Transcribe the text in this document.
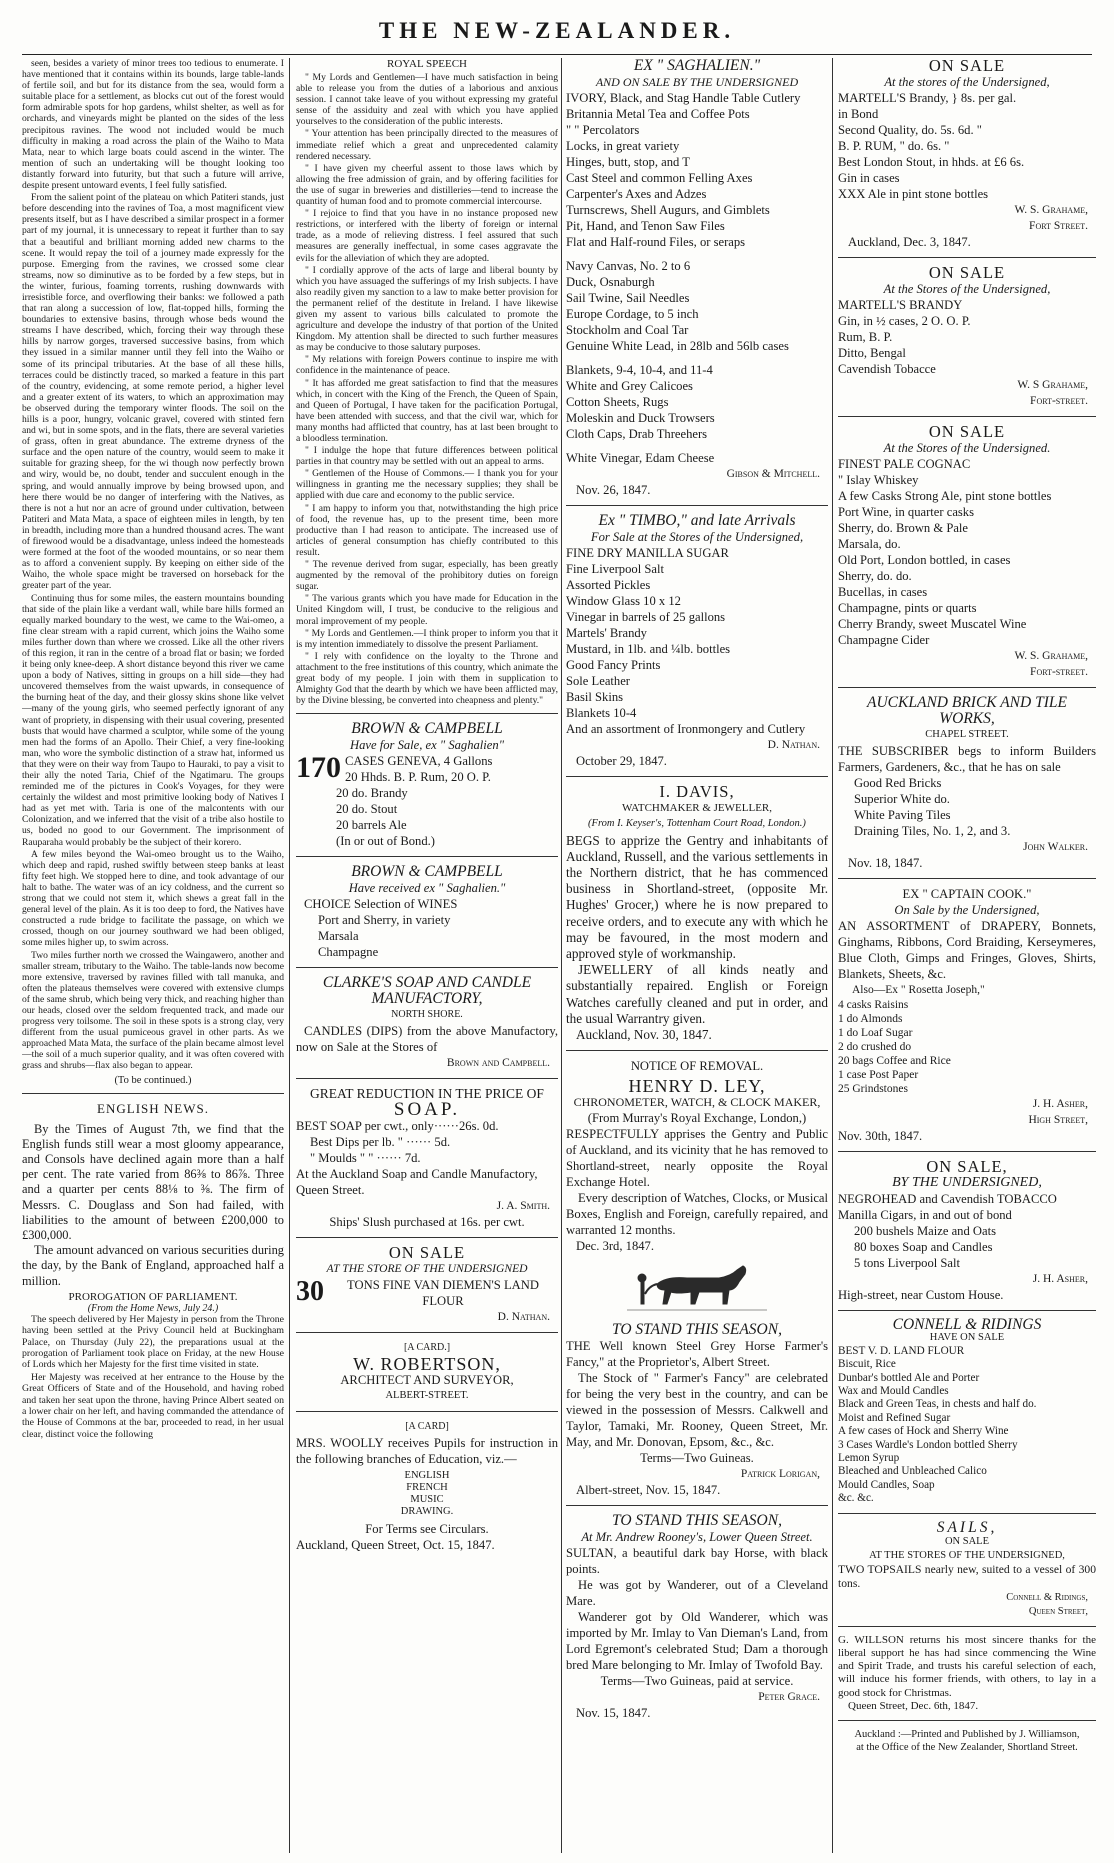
THE NEW-ZEALANDER.

seen, besides a variety of minor trees too tedious to enumerate. I have mentioned that it contains within its bounds, large table-lands of fertile soil, and but for its distance from the sea, would form a suitable place for a settlement, as blocks cut out of the forest would form admirable spots for hop gardens, whilst shelter, as well as for orchards, and vineyards might be planted on the sides of the less precipitous ravines. The wood not included would be much difficulty in making a road across the plain of the Waiho to Mata Mata, near to which large boats could ascend in the winter. The mention of such an undertaking will be thought looking too distantly forward into futurity, but that such a future will arrive, despite present untoward events, I feel fully satisfied.

From the salient point of the plateau on which Patiteri stands, just before descending into the ravines of Toa, a most magnificent view presents itself, but as I have described a similar prospect in a former part of my journal, it is unnecessary to repeat it further than to say that a beautiful and brilliant morning added new charms to the scene. It would repay the toil of a journey made expressly for the purpose. Emerging from the ravines, we crossed some clear streams, now so diminutive as to be forded by a few steps, but in the winter, furious, foaming torrents, rushing downwards with irresistible force, and overflowing their banks: we followed a path that ran along a succession of low, flat-topped hills, forming the boundaries to extensive basins, through whose beds wound the streams I have described, which, forcing their way through these hills by narrow gorges, traversed successive basins, from which they issued in a similar manner until they fell into the Waiho or some of its principal tributaries. At the base of all these hills, terraces could be distinctly traced, so marked a feature in this part of the country, evidencing, at some remote period, a higher level and a greater extent of its waters, to which an approximation may be observed during the temporary winter floods. The soil on the hills is a poor, hungry, volcanic gravel, covered with stinted fern and wi, but in some spots, and in the flats, there are several varieties of grass, often in great abundance. The extreme dryness of the surface and the open nature of the country, would seem to make it suitable for grazing sheep, for the wi though now perfectly brown and wiry, would be, no doubt, tender and succulent enough in the spring, and would annually improve by being browsed upon, and here there would be no danger of interfering with the Natives, as there is not a hut nor an acre of ground under cultivation, between Patiteri and Mata Mata, a space of eighteen miles in length, by ten in breadth, including more than a hundred thousand acres. The want of firewood would be a disadvantage, unless indeed the homesteads were formed at the foot of the wooded mountains, or so near them as to afford a convenient supply. By keeping on either side of the Waiho, the whole space might be traversed on horseback for the greater part of the year.

Continuing thus for some miles, the eastern mountains bounding that side of the plain like a verdant wall, while bare hills formed an equally marked boundary to the west, we came to the Wai-omeo, a fine clear stream with a rapid current, which joins the Waiho some miles further down than where we crossed. Like all the other rivers of this region, it ran in the centre of a broad flat or basin; we forded it being only knee-deep. A short distance beyond this river we came upon a body of Natives, sitting in groups on a hill side—they had uncovered themselves from the waist upwards, in consequence of the burning heat of the day, and their glossy skins shone like velvet—many of the young girls, who seemed perfectly ignorant of any want of propriety, in dispensing with their usual covering, presented busts that would have charmed a sculptor, while some of the young men had the forms of an Apollo. Their Chief, a very fine-looking man, who wore the symbolic distinction of a straw hat, informed us that they were on their way from Taupo to Hauraki, to pay a visit to their ally the noted Taria, Chief of the Ngatimaru. The groups reminded me of the pictures in Cook's Voyages, for they were certainly the wildest and most primitive looking body of Natives I had as yet met with. Taria is one of the malcontents with our Colonization, and we inferred that the visit of a tribe also hostile to us, boded no good to our Government. The imprisonment of Rauparaha would probably be the subject of their korero.

A few miles beyond the Wai-omeo brought us to the Waiho, which deep and rapid, rushed swiftly between steep banks at least fifty feet high. We stopped here to dine, and took advantage of our halt to bathe. The water was of an icy coldness, and the current so strong that we could not stem it, which shews a great fall in the general level of the plain. As it is too deep to ford, the Natives have constructed a rude bridge to facilitate the passage, on which we crossed, though on our journey southward we had been obliged, some miles higher up, to swim across.

Two miles further north we crossed the Waingawero, another and smaller stream, tributary to the Waiho. The table-lands now become more extensive, traversed by ravines filled with tall manuka, and often the plateaus themselves were covered with extensive clumps of the same shrub, which being very thick, and reaching higher than our heads, closed over the seldom frequented track, and made our progress very toilsome. The soil in these spots is a strong clay, very different from the usual pumiceous gravel in other parts. As we approached Mata Mata, the surface of the plain became almost level—the soil of a much superior quality, and it was often covered with grass and shrubs—flax also began to appear.

(To be continued.)
ENGLISH NEWS.

By the Times of August 7th, we find that the English funds still wear a most gloomy appearance, and Consols have declined again more than a half per cent. The rate varied from 86⅜ to 86⅞. Three and a quarter per cents 88⅛ to ⅜. The firm of Messrs. C. Douglass and Son had failed, with liabilities to the amount of between £200,000 to £300,000.

The amount advanced on various securities during the day, by the Bank of England, approached half a million.

PROROGATION OF PARLIAMENT.
(From the Home News, July 24.)

The speech delivered by Her Majesty in person from the Throne having been settled at the Privy Council held at Buckingham Palace, on Thursday (July 22), the preparations usual at the prorogation of Parliament took place on Friday, at the new House of Lords which her Majesty for the first time visited in state.

Her Majesty was received at her entrance to the House by the Great Officers of State and of the Household, and having robed and taken her seat upon the throne, having Prince Albert seated on a lower chair on her left, and having commanded the attendance of the House of Commons at the bar, proceeded to read, in her usual clear, distinct voice the following

ROYAL SPEECH

" My Lords and Gentlemen—I have much satisfaction in being able to release you from the duties of a laborious and anxious session. I cannot take leave of you without expressing my grateful sense of the assiduity and zeal with which you have applied yourselves to the consideration of the public interests.

" Your attention has been principally directed to the measures of immediate relief which a great and unprecedented calamity rendered necessary.

" I have given my cheerful assent to those laws which by allowing the free admission of grain, and by offering facilities for the use of sugar in breweries and distilleries—tend to increase the quantity of human food and to promote commercial intercourse.

" I rejoice to find that you have in no instance proposed new restrictions, or interfered with the liberty of foreign or internal trade, as a mode of relieving distress. I feel assured that such measures are generally ineffectual, in some cases aggravate the evils for the alleviation of which they are adopted.

" I cordially approve of the acts of large and liberal bounty by which you have assuaged the sufferings of my Irish subjects. I have also readily given my sanction to a law to make better provision for the permanent relief of the destitute in Ireland. I have likewise given my assent to various bills calculated to promote the agriculture and develope the industry of that portion of the United Kingdom. My attention shall be directed to such further measures as may be conducive to those salutary purposes.

" My relations with foreign Powers continue to inspire me with confidence in the maintenance of peace.

" It has afforded me great satisfaction to find that the measures which, in concert with the King of the French, the Queen of Spain, and Queen of Portugal, I have taken for the pacification Portugal, have been attended with success, and that the civil war, which for many months had afflicted that country, has at last been brought to a bloodless termination.

" I indulge the hope that future differences between political parties in that country may be settled with out an appeal to arms.

" Gentlemen of the House of Commons.— I thank you for your willingness in granting me the necessary supplies; they shall be applied with due care and economy to the public service.

" I am happy to inform you that, notwithstanding the high price of food, the revenue has, up to the present time, been more productive than I had reason to anticipate. The increased use of articles of general consumption has chiefly contributed to this result.

" The revenue derived from sugar, especially, has been greatly augmented by the removal of the prohibitory duties on foreign sugar.

" The various grants which you have made for Education in the United Kingdom will, I trust, be conducive to the religious and moral improvement of my people.

" My Lords and Gentlemen.—I think proper to inform you that it is my intention immediately to dissolve the present Parliament.

" I rely with confidence on the loyalty to the Throne and attachment to the free institutions of this country, which animate the great body of my people. I join with them in supplication to Almighty God that the dearth by which we have been afflicted may, by the Divine blessing, be converted into cheapness and plenty."

BROWN & CAMPBELL
Have for Sale, ex " Saghalien"
170 CASES GENEVA, 4 Gallons
20 Hhds. B. P. Rum, 20 O. P.
20 do. Brandy
20 do. Stout
20 barrels Ale
(In or out of Bond.)
BROWN & CAMPBELL
Have received ex " Saghalien."
CHOICE Selection of WINES
Port and Sherry, in variety
Marsala
Champagne
CLARKE'S SOAP AND CANDLE
MANUFACTORY,
NORTH SHORE.
CANDLES (DIPS) from the above Manufactory, now on Sale at the Stores of
Brown and Campbell.
GREAT REDUCTION IN THE PRICE OF
SOAP.
BEST SOAP per cwt., only······26s. 0d.
Best Dips per lb. " ······ 5d.
" Moulds " " ······ 7d.
At the Auckland Soap and Candle Manufactory, Queen Street.
J. A. Smith.
Ships' Slush purchased at 16s. per cwt.
ON SALE
AT THE STORE OF THE UNDERSIGNED
30	TONS FINE VAN DIEMEN'S LAND FLOUR
D. Nathan.
[A CARD.]
W. ROBERTSON,
ARCHITECT AND SURVEYOR,
ALBERT-STREET.
[A CARD]
MRS. WOOLLY receives Pupils for instruction in the following branches of Education, viz.—
ENGLISH
FRENCH
MUSIC
DRAWING.
For Terms see Circulars.
Auckland, Queen Street, Oct. 15, 1847.
EX " SAGHALIEN."
AND ON SALE BY THE UNDERSIGNED
IVORY, Black, and Stag Handle Table Cutlery
Britannia Metal Tea and Coffee Pots
" " Percolators
Locks, in great variety
Hinges, butt, stop, and T
Cast Steel and common Felling Axes
Carpenter's Axes and Adzes
Turnscrews, Shell Augurs, and Gimblets
Pit, Hand, and Tenon Saw Files
Flat and Half-round Files, or seraps
Navy Canvas, No. 2 to 6
Duck, Osnaburgh
Sail Twine, Sail Needles
Europe Cordage, to 5 inch
Stockholm and Coal Tar
Genuine White Lead, in 28lb and 56lb cases
Blankets, 9-4, 10-4, and 11-4
White and Grey Calicoes
Cotton Sheets, Rugs
Moleskin and Duck Trowsers
Cloth Caps, Drab Threehers
White Vinegar, Edam Cheese
Gibson & Mitchell.
Nov. 26, 1847.
Ex " TIMBO," and late Arrivals
For Sale at the Stores of the Undersigned,
FINE DRY MANILLA SUGAR
Fine Liverpool Salt
Assorted Pickles
Window Glass 10 x 12
Vinegar in barrels of 25 gallons
Martels' Brandy
Mustard, in 1lb. and ¼lb. bottles
Good Fancy Prints
Sole Leather
Basil Skins
Blankets 10-4
And an assortment of Ironmongery and Cutlery
D. Nathan.
October 29, 1847.
I. DAVIS,
WATCHMAKER & JEWELLER,
(From I. Keyser's, Tottenham Court Road, London.)
BEGS to apprize the Gentry and inhabitants of Auckland, Russell, and the various settlements in the Northern district, that he has commenced business in Shortland-street, (opposite Mr. Hughes' Grocer,) where he is now prepared to receive orders, and to execute any with which he may be favoured, in the most modern and approved style of workmanship.
JEWELLERY of all kinds neatly and substantially repaired. English or Foreign Watches carefully cleaned and put in order, and the usual Warrantry given.
Auckland, Nov. 30, 1847.
NOTICE OF REMOVAL.
HENRY D. LEY,
CHRONOMETER, WATCH, & CLOCK MAKER,
(From Murray's Royal Exchange, London,)
RESPECTFULLY apprises the Gentry and Public of Auckland, and its vicinity that he has removed to Shortland-street, nearly opposite the Royal Exchange Hotel.
Every description of Watches, Clocks, or Musical Boxes, English and Foreign, carefully repaired, and warranted 12 months.
Dec. 3rd, 1847.
TO STAND THIS SEASON,
THE Well known Steel Grey Horse Farmer's Fancy," at the Proprietor's, Albert Street.
The Stock of " Farmer's Fancy" are celebrated for being the very best in the country, and can be viewed in the possession of Messrs. Calkwell and Taylor, Tamaki, Mr. Rooney, Queen Street, Mr. May, and Mr. Donovan, Epsom, &c., &c.
Terms—Two Guineas.
Patrick Lorigan,
Albert-street, Nov. 15, 1847.
TO STAND THIS SEASON,
At Mr. Andrew Rooney's, Lower Queen Street.
SULTAN, a beautiful dark bay Horse, with black points.
He was got by Wanderer, out of a Cleveland Mare.
Wanderer got by Old Wanderer, which was imported by Mr. Imlay to Van Dieman's Land, from Lord Egremont's celebrated Stud; Dam a thorough bred Mare belonging to Mr. Imlay of Twofold Bay.
Terms—Two Guineas, paid at service.
Peter Grace.
Nov. 15, 1847.
ON SALE
At the stores of the Undersigned,
MARTELL'S Brandy, } 8s. per gal.
in Bond
Second Quality, do. 5s. 6d. "
B. P. RUM, " do. 6s. "
Best London Stout, in hhds. at £6 6s.
Gin in cases
XXX Ale in pint stone bottles
W. S. Grahame,
Fort Street.
Auckland, Dec. 3, 1847.
ON SALE
At the Stores of the Undersigned,
MARTELL'S BRANDY
Gin, in ½ cases, 2 O. O. P.
Rum, B. P.
Ditto, Bengal
Cavendish Tobacce
W. S Grahame,
Fort-street.
ON SALE
At the Stores of the Undersigned.
FINEST PALE COGNAC
" Islay Whiskey
A few Casks Strong Ale, pint stone bottles
Port Wine, in quarter casks
Sherry, do. Brown & Pale
Marsala, do.
Old Port, London bottled, in cases
Sherry, do. do.
Bucellas, in cases
Champagne, pints or quarts
Cherry Brandy, sweet Muscatel Wine
Champagne Cider
W. S. Grahame,
Fort-street.
AUCKLAND BRICK AND TILE WORKS,
CHAPEL STREET.
THE SUBSCRIBER begs to inform Builders Farmers, Gardeners, &c., that he has on sale
Good Red Bricks
Superior White do.
White Paving Tiles
Draining Tiles, No. 1, 2, and 3.
John Walker.
Nov. 18, 1847.
EX " CAPTAIN COOK."
On Sale by the Undersigned,
AN ASSORTMENT of DRAPERY, Bonnets, Ginghams, Ribbons, Cord Braiding, Kerseymeres, Blue Cloth, Gimps and Fringes, Gloves, Shirts, Blankets, Sheets, &c.
Also—Ex " Rosetta Joseph,"
4 casks Raisins
1 do Almonds
1 do Loaf Sugar
2 do crushed do
20 bags Coffee and Rice
1 case Post Paper
25 Grindstones
J. H. Asher,
High Street,
Nov. 30th, 1847.
ON SALE,
BY THE UNDERSIGNED,
NEGROHEAD and Cavendish TOBACCO Manilla Cigars, in and out of bond
200 bushels Maize and Oats
80 boxes Soap and Candles
5 tons Liverpool Salt
J. H. Asher,
High-street, near Custom House.
CONNELL & RIDINGS
HAVE ON SALE
BEST V. D. LAND FLOUR
Biscuit, Rice
Dunbar's bottled Ale and Porter
Wax and Mould Candles
Black and Green Teas, in chests and half do.
Moist and Refined Sugar
A few cases of Hock and Sherry Wine
3 Cases Wardle's London bottled Sherry
Lemon Syrup
Bleached and Unbleached Calico
Mould Candles, Soap
&c. &c.
SAILS,
ON SALE
AT THE STORES OF THE UNDERSIGNED,
TWO TOPSAILS nearly new, suited to a vessel of 300 tons.
Connell & Ridings,
Queen Street,
G. WILLSON returns his most sincere thanks for the liberal support he has had since commencing the Wine and Spirit Trade, and trusts his careful selection of each, will induce his former friends, with others, to lay in a good stock for Christmas.
Queen Street, Dec. 6th, 1847.
Auckland :—Printed and Published by J. Williamson,
at the Office of the New Zealander, Shortland Street.
